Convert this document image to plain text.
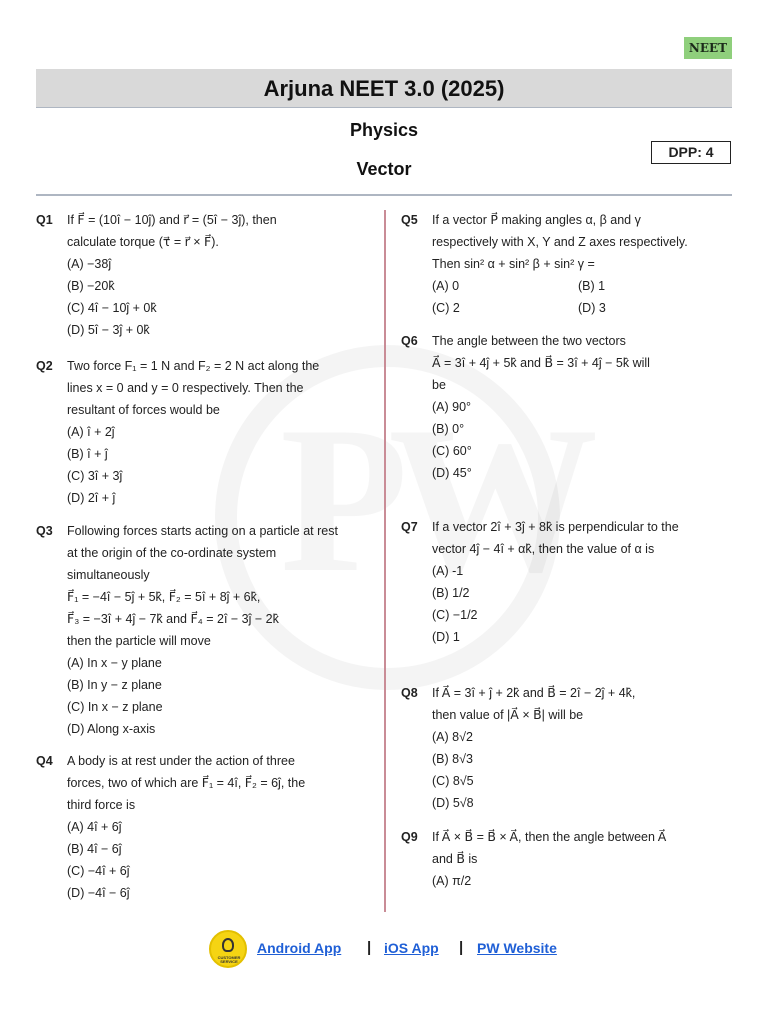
NEET
Arjuna NEET 3.0 (2025)
Physics
Vector
DPP: 4
Q1 If F⃗ = (10î − 10ĵ) and r⃗ = (5î − 3ĵ), then
calculate torque (τ⃗ = r⃗ × F⃗).
(A) −38ĵ
(B) −20k̂
(C) 4î − 10ĵ + 0k̂
(D) 5î − 3ĵ + 0k̂
Q2 Two force F₁ = 1 N and F₂ = 2 N act along the
lines x = 0 and y = 0 respectively. Then the
resultant of forces would be
(A) î + 2ĵ
(B) î + ĵ
(C) 3î + 3ĵ
(D) 2î + ĵ
Q3 Following forces starts acting on a particle at rest
at the origin of the co-ordinate system
simultaneously
F⃗₁ = −4î − 5ĵ + 5k̂, F⃗₂ = 5î + 8ĵ + 6k̂,
F⃗₃ = −3î + 4ĵ − 7k̂ and F⃗₄ = 2î − 3ĵ − 2k̂
then the particle will move
(A) In x − y plane
(B) In y − z plane
(C) In x − z plane
(D) Along x-axis
Q4 A body is at rest under the action of three
forces, two of which are F⃗₁ = 4î, F⃗₂ = 6ĵ, the
third force is
(A) 4î + 6ĵ
(B) 4î − 6ĵ
(C) −4î + 6ĵ
(D) −4î − 6ĵ
Q5 If a vector P⃗ making angles α, β and γ
respectively with X, Y and Z axes respectively.
Then sin² α + sin² β + sin² γ =
(A) 0	(B) 1
(C) 2	(D) 3
Q6 The angle between the two vectors
A⃗ = 3î + 4ĵ + 5k̂ and B⃗ = 3î + 4ĵ − 5k̂ will
be
(A) 90°
(B) 0°
(C) 60°
(D) 45°
Q7 If a vector 2î + 3ĵ + 8k̂ is perpendicular to the
vector 4ĵ − 4î + αk̂, then the value of α is
(A) -1
(B) 1/2
(C) −1/2
(D) 1
Q8 If A⃗ = 3î + ĵ + 2k̂ and B⃗ = 2î − 2ĵ + 4k̂,
then value of |A⃗ × B⃗| will be
(A) 8√2
(B) 8√3
(C) 8√5
(D) 5√8
Q9 If A⃗ × B⃗ = B⃗ × A⃗, then the angle between A⃗
and B⃗ is
(A) π/2
CUSTOMER SERVICE
Android App | iOS App | PW Website
